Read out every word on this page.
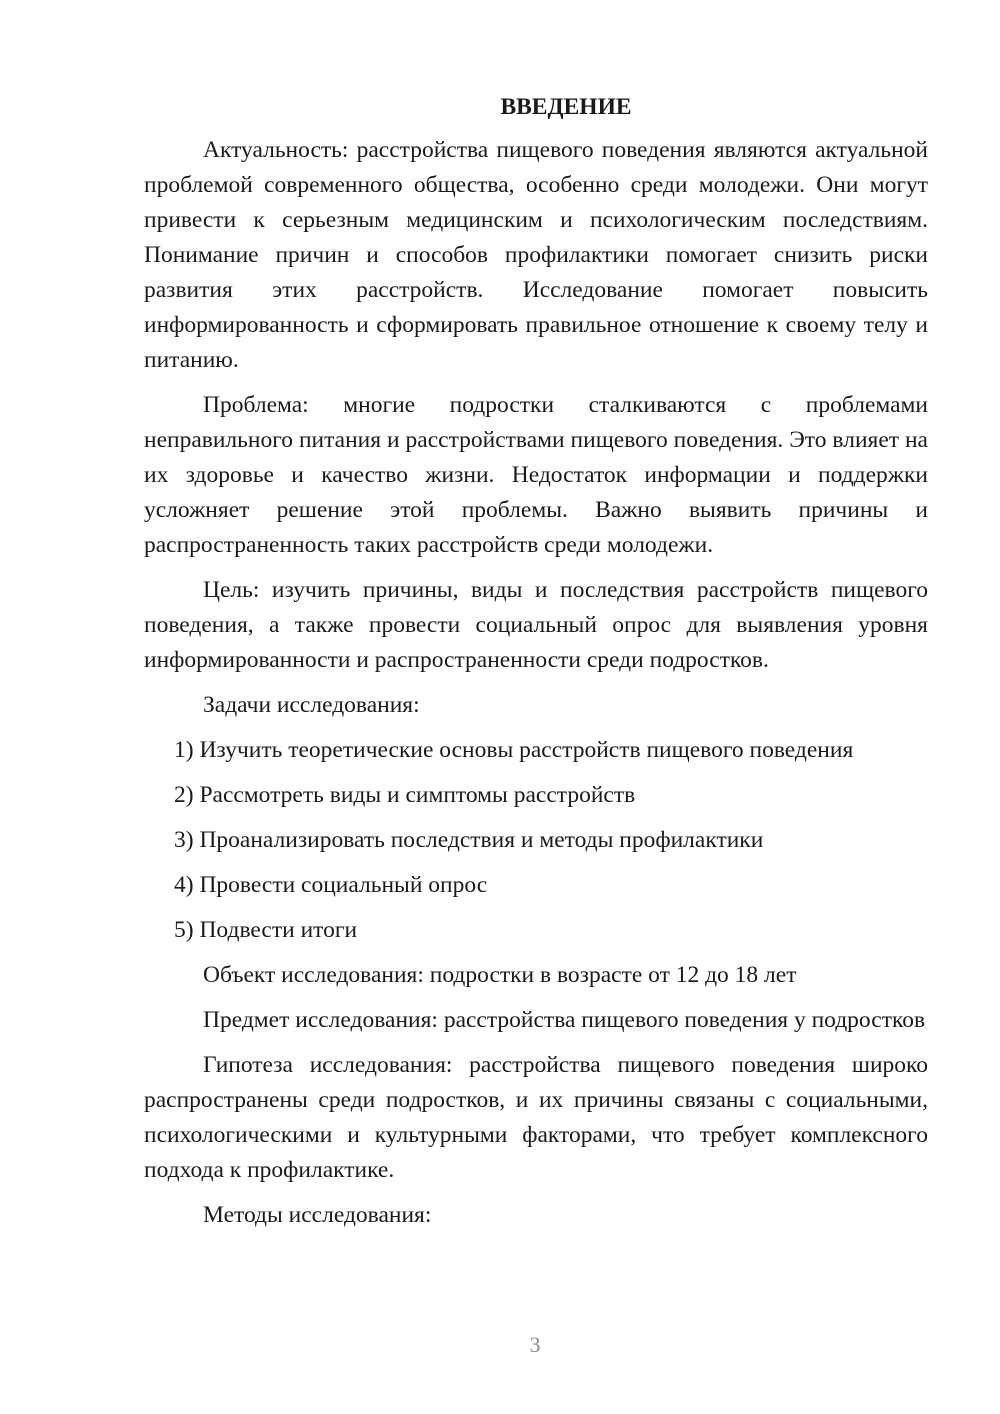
ВВЕДЕНИЕ

Актуальность: расстройства пищевого поведения являются актуальной проблемой современного общества, особенно среди молодежи. Они могут привести к серьезным медицинским и психологическим последствиям. Понимание причин и способов профилактики помогает снизить риски развития этих расстройств. Исследование помогает повысить информированность и сформировать правильное отношение к своему телу и питанию.

Проблема: многие подростки сталкиваются с проблемами неправильного питания и расстройствами пищевого поведения. Это влияет на их здоровье и качество жизни. Недостаток информации и поддержки усложняет решение этой проблемы. Важно выявить причины и распространенность таких расстройств среди молодежи.

Цель: изучить причины, виды и последствия расстройств пищевого поведения, а также провести социальный опрос для выявления уровня информированности и распространенности среди подростков.

Задачи исследования:

1) Изучить теоретические основы расстройств пищевого поведения
2) Рассмотреть виды и симптомы расстройств
3) Проанализировать последствия и методы профилактики
4) Провести социальный опрос
5) Подвести итоги

Объект исследования: подростки в возрасте от 12 до 18 лет

Предмет исследования: расстройства пищевого поведения у подростков

Гипотеза исследования: расстройства пищевого поведения широко распространены среди подростков, и их причины связаны с социальными, психологическими и культурными факторами, что требует комплексного подхода к профилактике.

Методы исследования:

3
